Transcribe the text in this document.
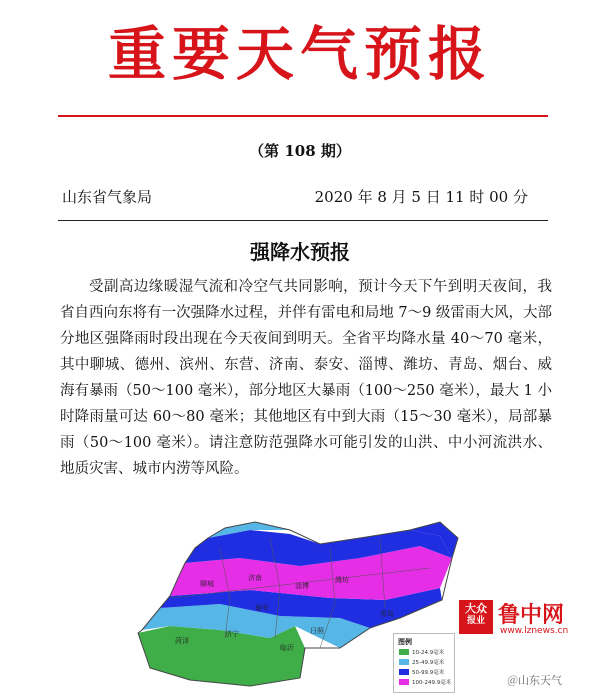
重要天气预报
（第 108 期）
山东省气象局	2020 年 8 月 5 日 11 时 00 分
强降水预报
受副高边缘暖湿气流和冷空气共同影响，预计今天下午到明天夜间，我省自西向东将有一次强降水过程，并伴有雷电和局地 7～9 级雷雨大风，大部分地区强降雨时段出现在今天夜间到明天。全省平均降水量 40～70 毫米，其中聊城、德州、滨州、东营、济南、泰安、淄博、潍坊、青岛、烟台、威海有暴雨（50～100 毫米），部分地区大暴雨（100～250 毫米），最大 1 小时降雨量可达 60～80 毫米；其他地区有中到大雨（15～30 毫米），局部暴雨（50～100 毫米）。请注意防范强降水可能引发的山洪、中小河流洪水、地质灾害、城市内涝等风险。
聊城
济南
泰安
淄博
潍坊
青岛
日照
临沂
济宁
菏泽	图例
10-24.9毫米
25-49.9毫米
50-99.9毫米
100-249.9毫米
大众
报业 鲁中网
www.lznews.cn
＠山东天气
